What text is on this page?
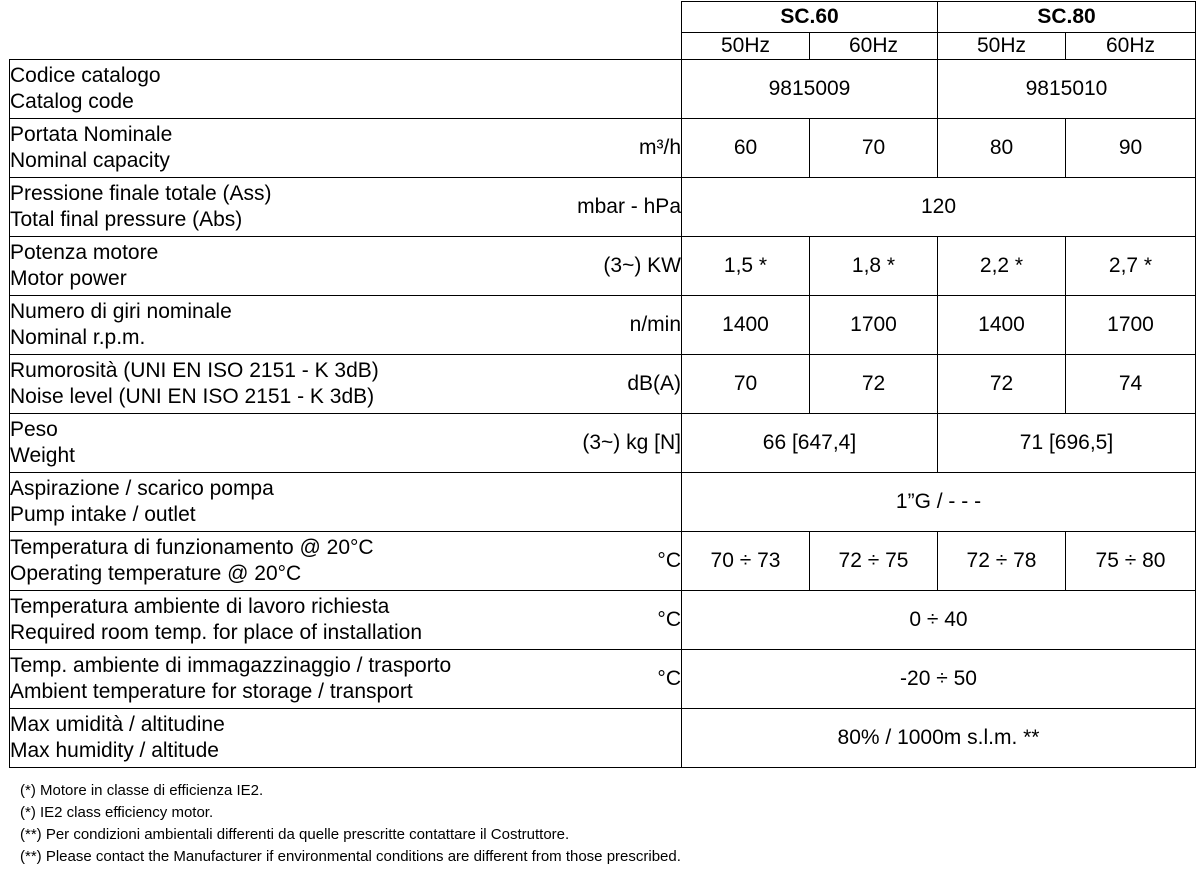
		SC.60		SC.80	
		50Hz	60Hz	50Hz	60Hz

Codice catalogo
Catalog code		9815009		9815010	

Portata Nominale
Nominal capacity	m³/h	60	70	80	90

Pressione finale totale (Ass)
Total final pressure (Abs)	mbar - hPa	120			

Potenza motore
Motor power	(3~) KW	1,5 *	1,8 *	2,2 *	2,7 *

Numero di giri nominale
Nominal r.p.m.	n/min	1400	1700	1400	1700

Rumorosità (UNI EN ISO 2151 - K 3dB)
Noise level (UNI EN ISO 2151 - K 3dB)	dB(A)	70	72	72	74

Peso
Weight	(3~) kg [N]	66 [647,4]		71 [696,5]	

Aspirazione / scarico pompa
Pump intake / outlet		1”G / - - -			

Temperatura di funzionamento @ 20°C
Operating temperature @ 20°C	°C	70 ÷ 73	72 ÷ 75	72 ÷ 78	75 ÷ 80

Temperatura ambiente di lavoro richiesta
Required room temp. for place of installation	°C	0 ÷ 40			

Temp. ambiente di immagazzinaggio / trasporto
Ambient temperature for storage / transport	°C	-20 ÷ 50			

Max umidità / altitudine
Max humidity / altitude		80% / 1000m s.l.m. **			
(*) Motore in classe di efficienza IE2.
(*) IE2 class efficiency motor.
(**) Per condizioni ambientali differenti da quelle prescritte contattare il Costruttore.
(**) Please contact the Manufacturer if environmental conditions are different from those prescribed.
